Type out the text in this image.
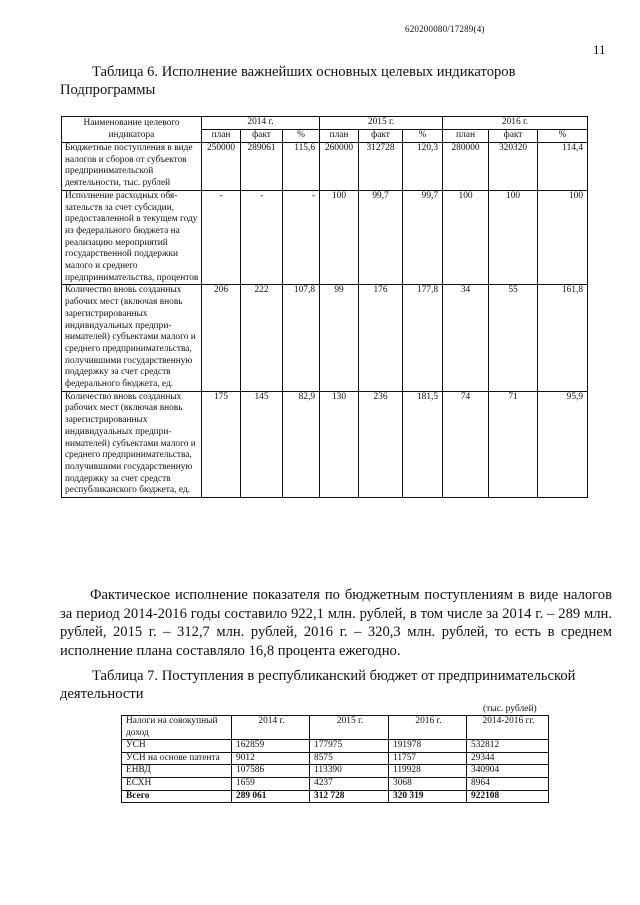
620200080/17289(4)
11
Таблица 6. Исполнение важнейших основных целевых индикаторов Подпрограммы
Наименование целевого индикатора	2014 г.			2015 г.			2016 г.		
	план	факт	%	план	факт	%	план	факт	%
Бюджетные поступления в виде налогов и сборов от субъектов предпринимательской деятельности, тыс. рублей	250000	289061	115,6	260000	312728	120,3	280000	320320	114,4
Исполнение расходных обязательств за счет субсидии, предоставленной в текущем году из федерального бюджета на реализацию мероприятий государственной поддержки малого и среднего предпринимательства, процентов	-	-	-	100	99,7	99,7	100	100	100
Количество вновь созданных рабочих мест (включая вновь зарегистрированных индивидуальных предпринимателей) субъектами малого и среднего предпринимательства, получившими государственную поддержку за счет средств федерального бюджета, ед.	206	222	107,8	99	176	177,8	34	55	161,8
Количество вновь созданных рабочих мест (включая вновь зарегистрированных индивидуальных предпринимателей) субъектами малого и среднего предпринимательства, получившими государственную поддержку за счет средств республиканского бюджета, ед.	175	145	82,9	130	236	181,5	74	71	95,9
Фактическое исполнение показателя по бюджетным поступлениям в виде налогов за период 2014-2016 годы составило 922,1 млн. рублей, в том числе за 2014 г. – 289 млн. рублей, 2015 г. – 312,7 млн. рублей, 2016 г. – 320,3 млн. рублей, то есть в среднем исполнение плана составляло 16,8 процента ежегодно.
Таблица 7. Поступления в республиканский бюджет от предпринимательской деятельности
(тыс. рублей)
Налоги на совокупный доход	2014 г.	2015 г.	2016 г.	2014-2016 гг.
УСН	162859	177975	191978	532812
УСН на основе патента	9012	8575	11757	29344
ЕНВД	107586	113390	119928	340904
ЕСХН	1659	4237	3068	8964
Всего	289 061	312 728	320 319	922108
